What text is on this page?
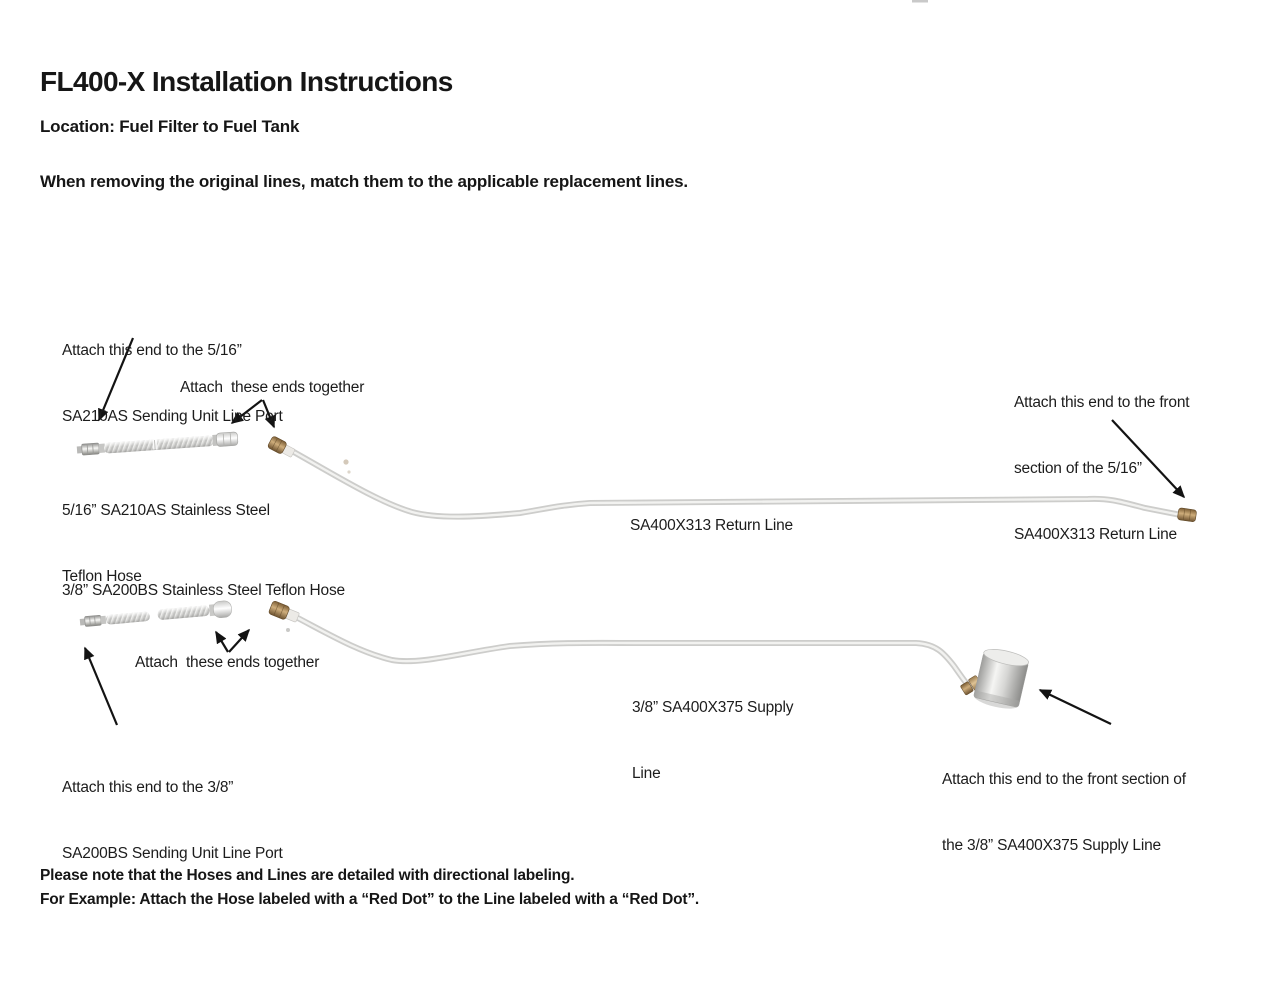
FL400-X Installation Instructions
Location: Fuel Filter to Fuel Tank
When removing the original lines, match them to the applicable replacement lines.

Attach this end to the 5/16”

SA210AS Sending Unit Line Port

Attach  these ends together

5/16” SA210AS Stainless Steel

Teflon Hose

SA400X313 Return Line

Attach this end to the front

section of the 5/16”

SA400X313 Return Line

3/8” SA200BS Stainless Steel Teflon Hose
Attach  these ends together

Attach this end to the 3/8”

SA200BS Sending Unit Line Port

3/8” SA400X375 Supply

Line

	Attach this end to the front section of

the 3/8” SA400X375 Supply Line

Please note that the Hoses and Lines are detailed with directional labeling.
For Example: Attach the Hose labeled with a “Red Dot” to the Line labeled with a “Red Dot”.
